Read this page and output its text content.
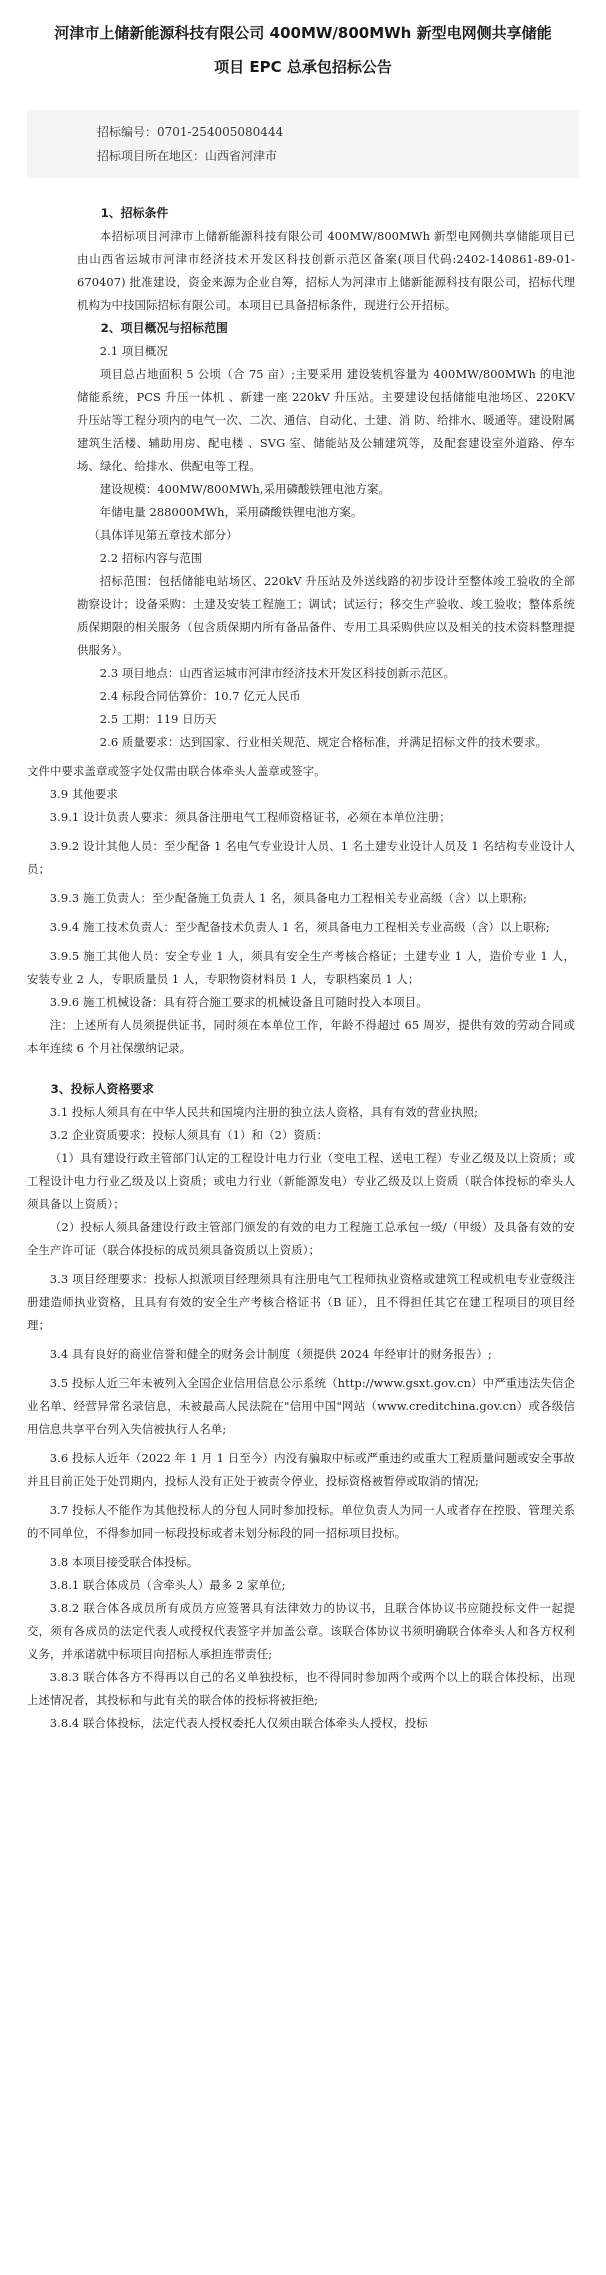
河津市上储新能源科技有限公司 400MW/800MWh 新型电网侧共享储能
项目 EPC 总承包招标公告
招标编号：0701-254005080444
招标项目所在地区：山西省河津市

1、招标条件

本招标项目河津市上储新能源科技有限公司 400MW/800MWh 新型电网侧共享储能项目已由山西省运城市河津市经济技术开发区科技创新示范区备案(项目代码:2402-140861-89-01-670407) 批准建设，资金来源为企业自筹，招标人为河津市上储新能源科技有限公司，招标代理机构为中技国际招标有限公司。本项目已具备招标条件，现进行公开招标。

2、项目概况与招标范围

2.1 项目概况

项目总占地面积 5 公顷（合 75 亩）;主要采用 建设装机容量为 400MW/800MWh 的电池储能系统，PCS 升压一体机 、新建一座 220kV 升压站。主要建设包括储能电池场区、220KV 升压站等工程分项内的电气一次、二次、通信、自动化、土建、消 防、给排水、暖通等。建设附属建筑生活楼、辅助用房、配电楼 、SVG 室、储能站及公辅建筑等，及配套建设室外道路、停车场、绿化、给排水、供配电等工程。

建设规模：400MW/800MWh,采用磷酸铁锂电池方案。

年储电量 288000MWh，采用磷酸铁锂电池方案。

（具体详见第五章技术部分）

2.2 招标内容与范围

招标范围：包括储能电站场区、220kV 升压站及外送线路的初步设计至整体竣工验收的全部勘察设计；设备采购：土建及安装工程施工；调试；试运行；移交生产验收、竣工验收；整体系统质保期限的相关服务（包含质保期内所有备品备件、专用工具采购供应以及相关的技术资料整理提供服务）。

2.3 项目地点：山西省运城市河津市经济技术开发区科技创新示范区。

2.4 标段合同估算价：10.7 亿元人民币

2.5 工期：119 日历天

2.6 质量要求：达到国家、行业相关规范、规定合格标准，并满足招标文件的技术要求。

文件中要求盖章或签字处仅需由联合体牵头人盖章或签字。

3.9 其他要求

3.9.1 设计负责人要求：须具备注册电气工程师资格证书，必须在本单位注册；

3.9.2 设计其他人员：至少配备 1 名电气专业设计人员、1 名土建专业设计人员及 1 名结构专业设计人员；

3.9.3 施工负责人：至少配备施工负责人 1 名，须具备电力工程相关专业高级（含）以上职称;

3.9.4 施工技术负责人：至少配备技术负责人 1 名，须具备电力工程相关专业高级（含）以上职称;

3.9.5 施工其他人员：安全专业 1 人，须具有安全生产考核合格证；土建专业 1 人，造价专业 1 人，安装专业 2 人，专职质量员 1 人，专职物资材料员 1 人，专职档案员 1 人；

3.9.6 施工机械设备：具有符合施工要求的机械设备且可随时投入本项目。

注：上述所有人员须提供证书，同时须在本单位工作，年龄不得超过 65 周岁，提供有效的劳动合同或本年连续 6 个月社保缴纳记录。

3、投标人资格要求

3.1 投标人须具有在中华人民共和国境内注册的独立法人资格，具有有效的营业执照;

3.2 企业资质要求：投标人须具有（1）和（2）资质：

（1）具有建设行政主管部门认定的工程设计电力行业（变电工程、送电工程）专业乙级及以上资质；或工程设计电力行业乙级及以上资质；或电力行业（新能源发电）专业乙级及以上资质（联合体投标的牵头人须具备以上资质）；

（2）投标人须具备建设行政主管部门颁发的有效的电力工程施工总承包一级/（甲级）及具备有效的安全生产许可证（联合体投标的成员须具备资质以上资质）；

3.3 项目经理要求：投标人拟派项目经理须具有注册电气工程师执业资格或建筑工程或机电专业壹级注册建造师执业资格，且具有有效的安全生产考核合格证书（B 证），且不得担任其它在建工程项目的项目经理；

3.4 具有良好的商业信誉和健全的财务会计制度（须提供 2024 年经审计的财务报告）;

3.5 投标人近三年未被列入全国企业信用信息公示系统（http://www.gsxt.gov.cn）中严重违法失信企业名单、经营异常名录信息，未被最高人民法院在"信用中国"网站（www.creditchina.gov.cn）或各级信用信息共享平台列入失信被执行人名单;

3.6 投标人近年（2022 年 1 月 1 日至今）内没有骗取中标或严重违约或重大工程质量问题或安全事故并且目前正处于处罚期内，投标人没有正处于被责令停业，投标资格被暂停或取消的情况;

3.7 投标人不能作为其他投标人的分包人同时参加投标。单位负责人为同一人或者存在控股、管理关系的不同单位，不得参加同一标段投标或者未划分标段的同一招标项目投标。

3.8 本项目接受联合体投标。

3.8.1 联合体成员（含牵头人）最多 2 家单位;

3.8.2 联合体各成员所有成员方应签署具有法律效力的协议书，且联合体协议书应随投标文件一起提交，须有各成员的法定代表人或授权代表签字并加盖公章。该联合体协议书须明确联合体牵头人和各方权利义务，并承诺就中标项目向招标人承担连带责任;

3.8.3 联合体各方不得再以自己的名义单独投标，也不得同时参加两个或两个以上的联合体投标，出现上述情况者，其投标和与此有关的联合体的投标将被拒绝;

3.8.4 联合体投标，法定代表人授权委托人仅须由联合体牵头人授权，投标
